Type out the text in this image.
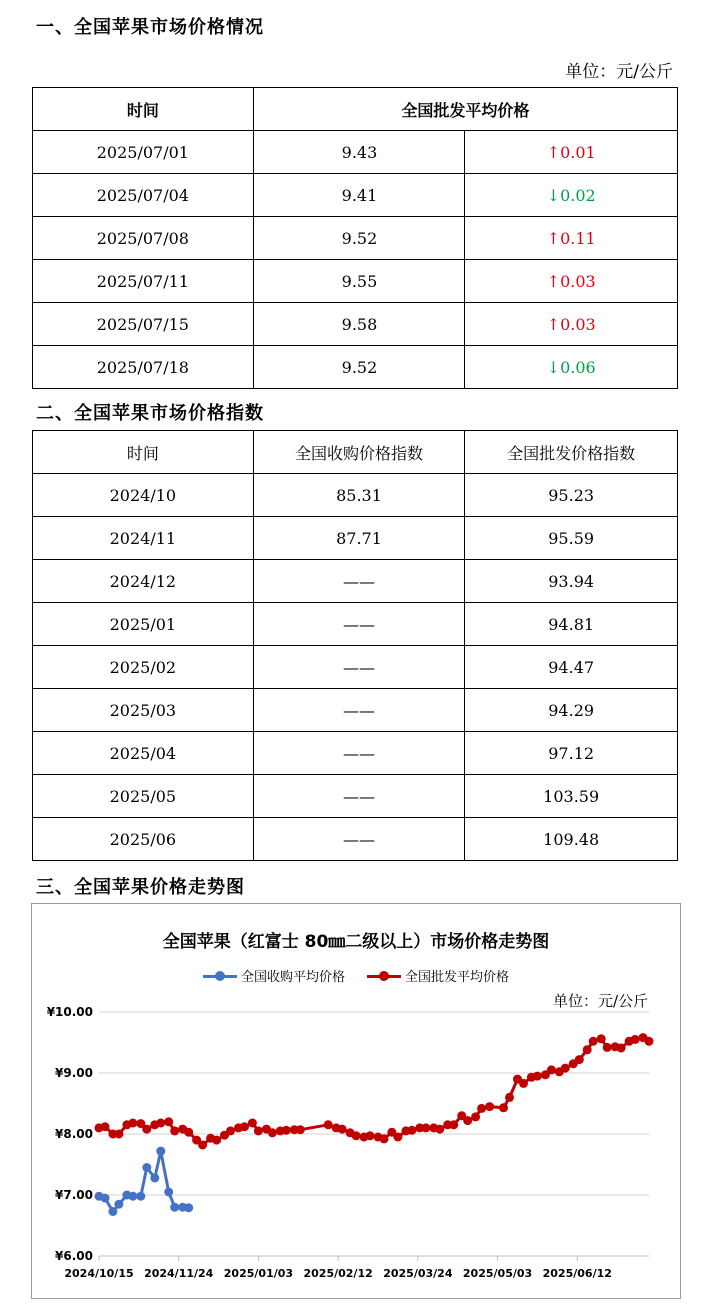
一、全国苹果市场价格情况
单位：元/公斤
时间	全国批发平均价格	
2025/07/01	9.43	↑0.01
2025/07/04	9.41	↓0.02
2025/07/08	9.52	↑0.11
2025/07/11	9.55	↑0.03
2025/07/15	9.58	↑0.03
2025/07/18	9.52	↓0.06
二、全国苹果市场价格指数
时间	全国收购价格指数	全国批发价格指数
2024/10	85.31	95.23
2024/11	87.71	95.59
2024/12	——	93.94
2025/01	——	94.81
2025/02	——	94.47
2025/03	——	94.29
2025/04	——	97.12
2025/05	——	103.59
2025/06	——	109.48
三、全国苹果价格走势图
全国苹果（红富士 80㎜二级以上）市场价格走势图
全国收购平均价格	全国批发平均价格
单位：元/公斤
¥6.00
¥7.00
¥8.00
¥9.00
¥10.00
2024/10/15 2024/11/24 2025/01/03 2025/02/12 2025/03/24 2025/05/03 2025/06/12
